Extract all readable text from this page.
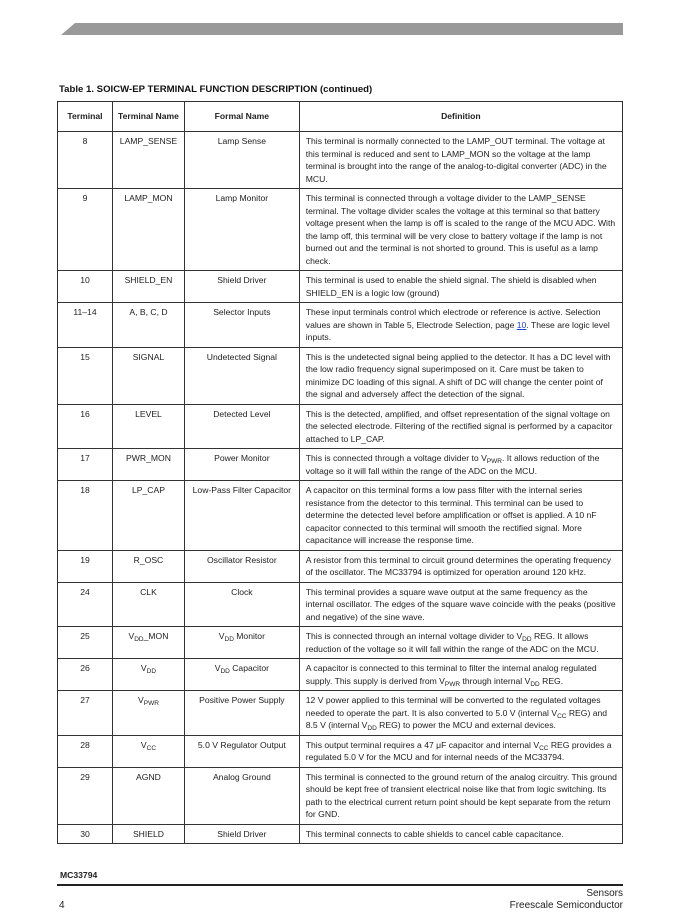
Table 1. SOICW-EP TERMINAL FUNCTION DESCRIPTION (continued)
Terminal	Terminal Name	Formal Name	Definition
8	LAMP_SENSE	Lamp Sense	This terminal is normally connected to the LAMP_OUT terminal. The voltage at this terminal is reduced and sent to LAMP_MON so the voltage at the lamp terminal is brought into the range of the analog-to-digital converter (ADC) in the MCU.
9	LAMP_MON	Lamp Monitor	This terminal is connected through a voltage divider to the LAMP_SENSE terminal. The voltage divider scales the voltage at this terminal so that battery voltage present when the lamp is off is scaled to the range of the MCU ADC. With the lamp off, this terminal will be very close to battery voltage if the lamp is not burned out and the terminal is not shorted to ground. This is useful as a lamp check.
10	SHIELD_EN	Shield Driver	This terminal is used to enable the shield signal. The shield is disabled when SHIELD_EN is a logic low (ground)
11–14	A, B, C, D	Selector Inputs	These input terminals control which electrode or reference is active. Selection values are shown in Table 5, Electrode Selection, page 10. These are logic level inputs.
15	SIGNAL	Undetected Signal	This is the undetected signal being applied to the detector. It has a DC level with the low radio frequency signal superimposed on it. Care must be taken to minimize DC loading of this signal. A shift of DC will change the center point of the signal and adversely affect the detection of the signal.
16	LEVEL	Detected Level	This is the detected, amplified, and offset representation of the signal voltage on the selected electrode. Filtering of the rectified signal is performed by a capacitor attached to LP_CAP.
17	PWR_MON	Power Monitor	This is connected through a voltage divider to $V_{PWR}$. It allows reduction of the voltage so it will fall within the range of the ADC on the MCU.
18	LP_CAP	Low-Pass Filter Capacitor	A capacitor on this terminal forms a low pass filter with the internal series resistance from the detector to this terminal. This terminal can be used to determine the detected level before amplification or offset is applied. A 10 nF capacitor connected to this terminal will smooth the rectified signal. More capacitance will increase the response time.
19	R_OSC	Oscillator Resistor	A resistor from this terminal to circuit ground determines the operating frequency of the oscillator. The MC33794 is optimized for operation around 120 kHz.
24	CLK	Clock	This terminal provides a square wave output at the same frequency as the internal oscillator. The edges of the square wave coincide with the peaks (positive and negative) of the sine wave.
25	$V_{DD}\_MON$	$V_{DD}$ Monitor	This is connected through an internal voltage divider to $V_{DD}$ REG. It allows reduction of the voltage so it will fall within the range of the ADC on the MCU.
26	$V_{DD}$	$V_{DD}$ Capacitor	A capacitor is connected to this terminal to filter the internal analog regulated supply. This supply is derived from $V_{PWR}$ through internal $V_{DD}$ REG.
27	$V_{PWR}$	Positive Power Supply	12 V power applied to this terminal will be converted to the regulated voltages needed to operate the part. It is also converted to 5.0 V (internal $V_{CC}$ REG) and 8.5 V (internal $V_{DD}$ REG) to power the MCU and external devices.
28	$V_{CC}$	5.0 V Regulator Output	This output terminal requires a 47 μF capacitor and internal $V_{CC}$ REG provides a regulated 5.0 V for the MCU and for internal needs of the MC33794.
29	AGND	Analog Ground	This terminal is connected to the ground return of the analog circuitry. This ground should be kept free of transient electrical noise like that from logic switching. Its path to the electrical current return point should be kept separate from the return for GND.
30	SHIELD	Shield Driver	This terminal connects to cable shields to cancel cable capacitance.
MC33794
Sensors
4	Freescale Semiconductor
